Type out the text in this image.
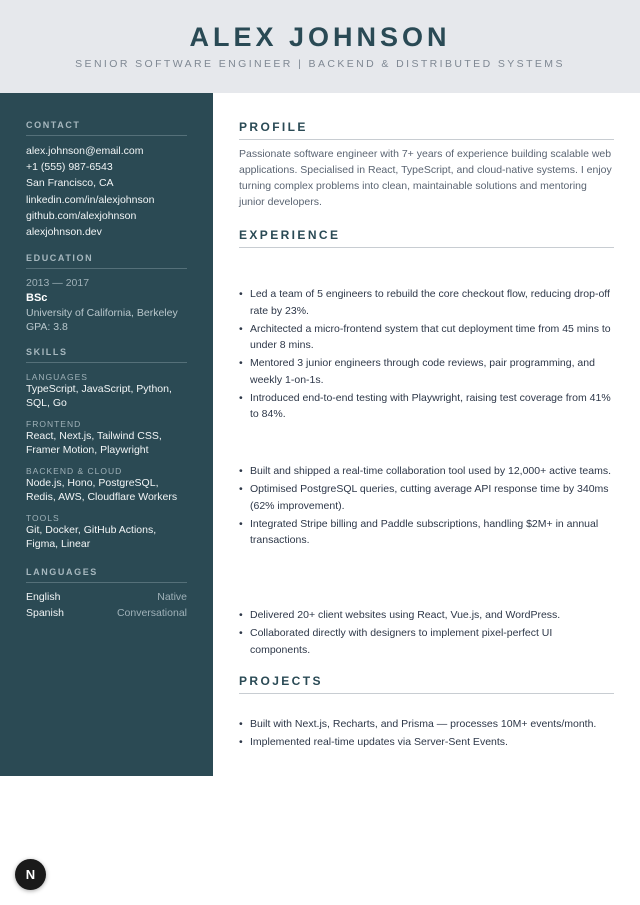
ALEX JOHNSON
SENIOR SOFTWARE ENGINEER | BACKEND & DISTRIBUTED SYSTEMS
CONTACT
alex.johnson@email.com
+1 (555) 987-6543
San Francisco, CA
linkedin.com/in/alexjohnson
github.com/alexjohnson
alexjohnson.dev
EDUCATION
2013 — 2017
BSc
University of California, Berkeley
GPA: 3.8
SKILLS
LANGUAGES
TypeScript, JavaScript, Python, SQL, Go
FRONTEND
React, Next.js, Tailwind CSS, Framer Motion, Playwright
BACKEND & CLOUD
Node.js, Hono, PostgreSQL, Redis, AWS, Cloudflare Workers
TOOLS
Git, Docker, GitHub Actions, Figma, Linear
LANGUAGES
English	Native
Spanish	Conversational
PROFILE
Passionate software engineer with 7+ years of experience building scalable web applications. Specialised in React, TypeScript, and cloud-native systems. I enjoy turning complex problems into clean, maintainable solutions and mentoring junior developers.
EXPERIENCE
• Led a team of 5 engineers to rebuild the core checkout flow, reducing drop-off rate by 23%.
• Architected a micro-frontend system that cut deployment time from 45 mins to under 8 mins.
• Mentored 3 junior engineers through code reviews, pair programming, and weekly 1-on-1s.
• Introduced end-to-end testing with Playwright, raising test coverage from 41% to 84%.
• Built and shipped a real-time collaboration tool used by 12,000+ active teams.
• Optimised PostgreSQL queries, cutting average API response time by 340ms (62% improvement).
• Integrated Stripe billing and Paddle subscriptions, handling $2M+ in annual transactions.
• Delivered 20+ client websites using React, Vue.js, and WordPress.
• Collaborated directly with designers to implement pixel-perfect UI components.
PROJECTS
• Built with Next.js, Recharts, and Prisma — processes 10M+ events/month.
• Implemented real-time updates via Server-Sent Events.
N
